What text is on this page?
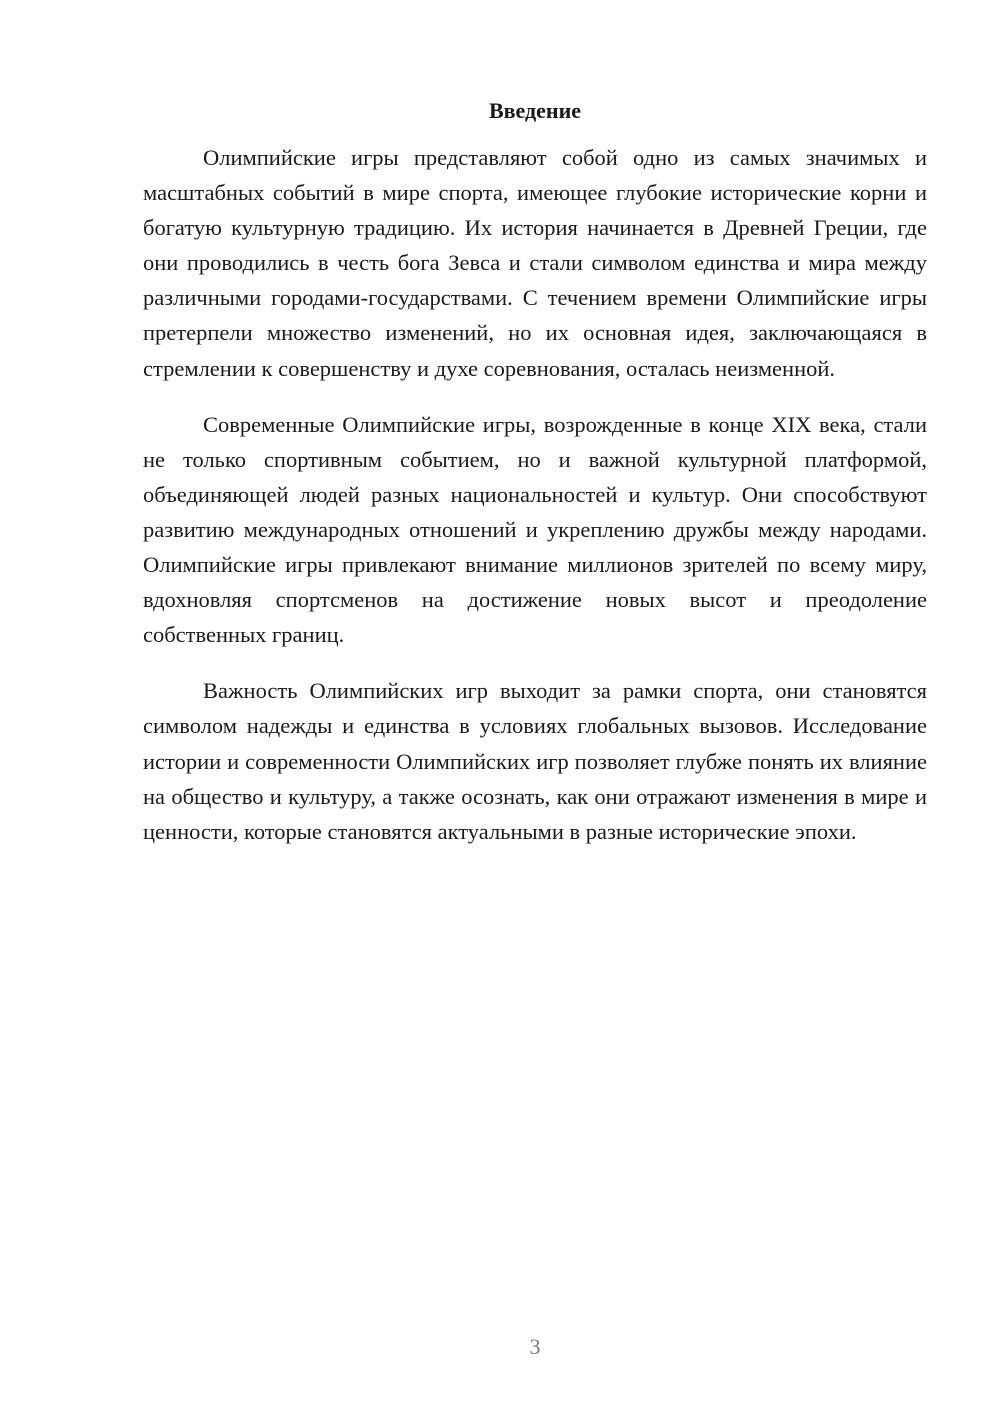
Введение

Олимпийские игры представляют собой одно из самых значимых и масштабных событий в мире спорта, имеющее глубокие исторические корни и богатую культурную традицию. Их история начинается в Древней Греции, где они проводились в честь бога Зевса и стали символом единства и мира между различными городами-государствами. С течением времени Олимпийские игры претерпели множество изменений, но их основная идея, заключающаяся в стремлении к совершенству и духе соревнования, осталась неизменной.

Современные Олимпийские игры, возрожденные в конце XIX века, стали не только спортивным событием, но и важной культурной платформой, объединяющей людей разных национальностей и культур. Они способствуют развитию международных отношений и укреплению дружбы между народами. Олимпийские игры привлекают внимание миллионов зрителей по всему миру, вдохновляя спортсменов на достижение новых высот и преодоление собственных границ.

Важность Олимпийских игр выходит за рамки спорта, они становятся символом надежды и единства в условиях глобальных вызовов. Исследование истории и современности Олимпийских игр позволяет глубже понять их влияние на общество и культуру, а также осознать, как они отражают изменения в мире и ценности, которые становятся актуальными в разные исторические эпохи.

3
